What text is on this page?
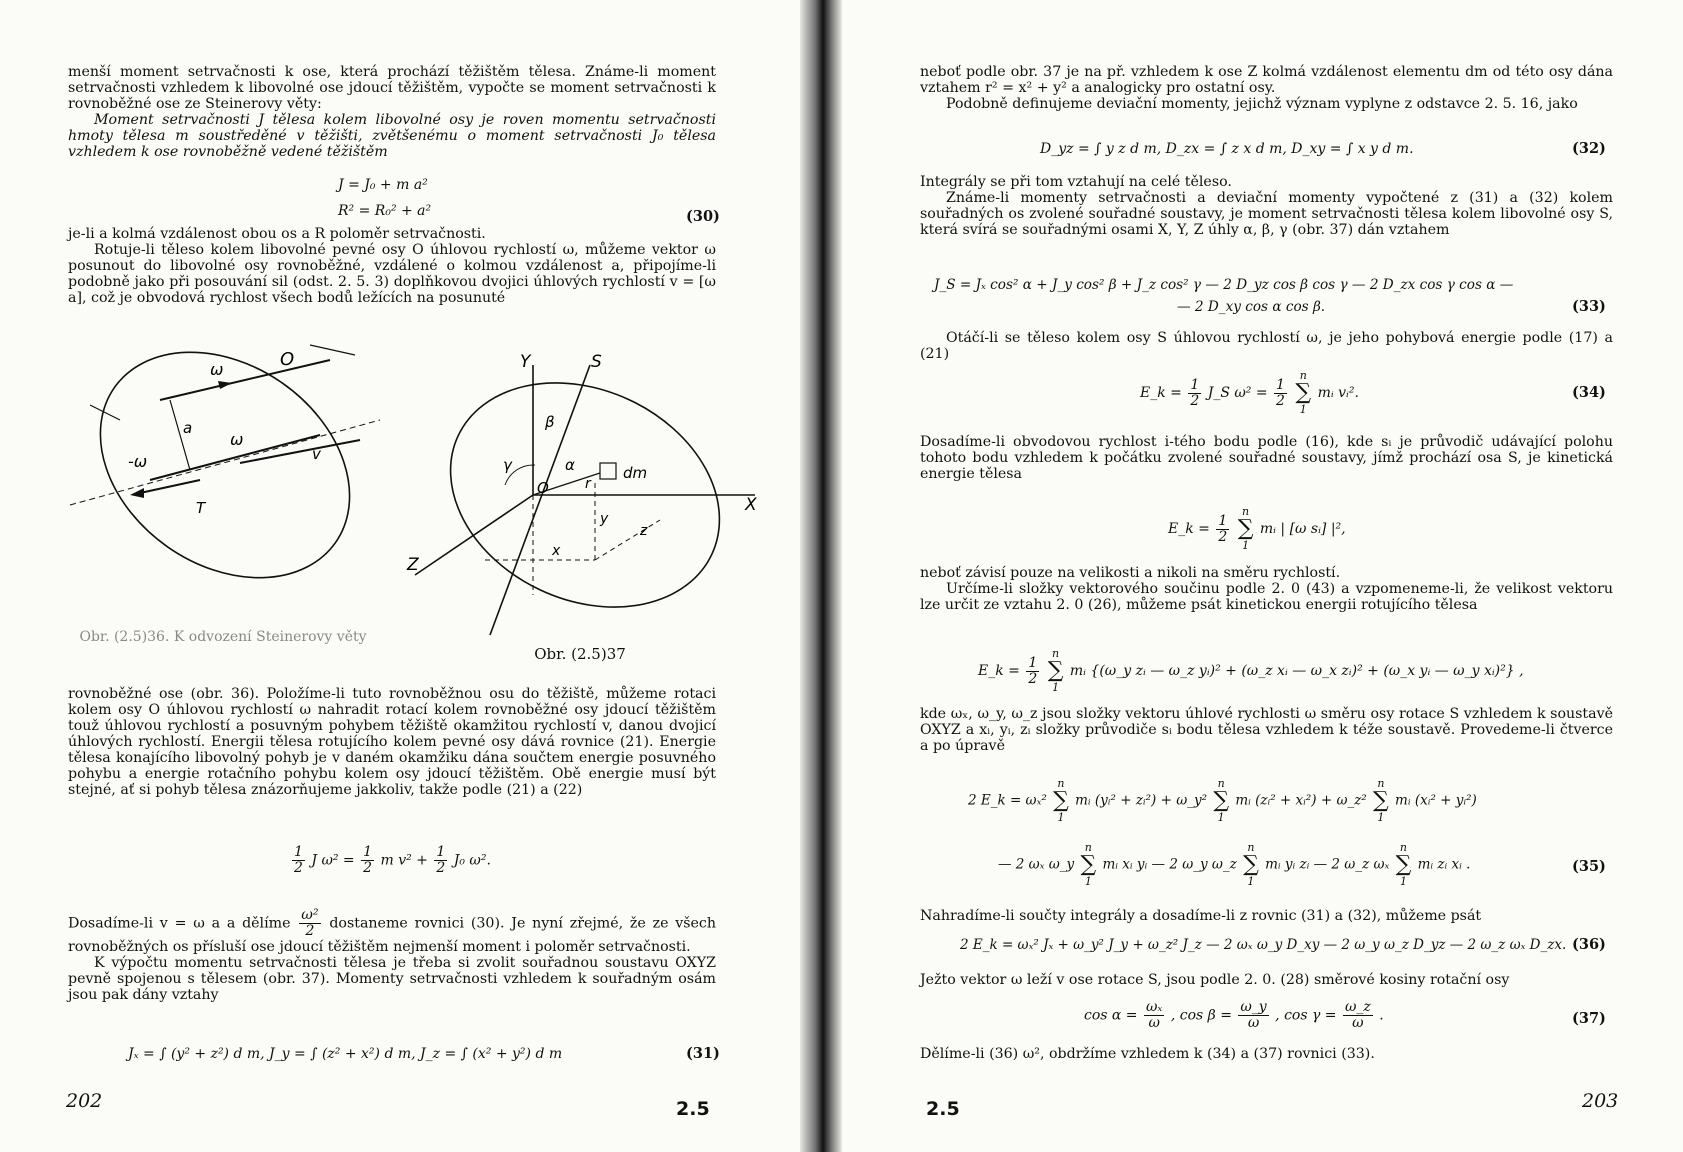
menší moment setrvačnosti k ose, která prochází těžištěm tělesa. Známe-li moment setrvačnosti vzhledem k libovolné ose jdoucí těžištěm, vypočte se moment setrvačnosti k rovnoběžné ose ze Steinerovy věty:

Moment setrvačnosti J tělesa kolem libovolné osy je roven momentu setrvačnosti hmoty tělesa m soustředěné v těžišti, zvětšenému o moment setrvačnosti J₀ tělesa vzhledem k ose rovnoběžně vedené těžištěm

J = J₀ + m a²
R² = R₀² + a²	(30)

je-li a kolmá vzdálenost obou os a R poloměr setrvačnosti.

Rotuje-li těleso kolem libovolné pevné osy O úhlovou rychlostí ω, můžeme vektor ω posunout do libovolné osy rovnoběžné, vzdálené o kolmou vzdálenost a, připojíme-li podobně jako při posouvání sil (odst. 2. 5. 3) doplňkovou dvojici úhlových rychlostí v = [ω a], což je obvodová rychlost všech bodů ležících na posunuté

O
ω
ω
-ω
a
v
T
Obr. (2.5)36. K odvození Steinerovy věty
Y	S
X
Z
O
dm
β
α
γ
r
y
z
x
Obr. (2.5)37

rovnoběžné ose (obr. 36). Položíme-li tuto rovnoběžnou osu do těžiště, můžeme rotaci kolem osy O úhlovou rychlostí ω nahradit rotací kolem rovnoběžné osy jdoucí těžištěm touž úhlovou rychlostí a posuvným pohybem těžiště okamžitou rychlostí v, danou dvojicí úhlových rychlostí. Energii tělesa rotujícího kolem pevné osy dává rovnice (21). Energie tělesa konajícího libovolný pohyb je v daném okamžiku dána součtem energie posuvného pohybu a energie rotačního pohybu kolem osy jdoucí těžištěm. Obě energie musí být stejné, ať si pohyb tělesa znázorňujeme jakkoliv, takže podle (21) a (22)

$\frac{1}{2}$ J $\omega^2 = \frac{1}{2}$ m $v^2 + \frac{1}{2} J_0$ ω².

Dosadíme-li v = ω a a dělíme $\frac{\text{ω²}}{2}$ dostaneme rovnici (30). Je nyní zřejmé, že ze všech rovnoběžných os přísluší ose jdoucí těžištěm nejmenší moment i poloměr setrvačnosti.

K výpočtu momentu setrvačnosti tělesa je třeba si zvolit souřadnou soustavu OXYZ pevně spojenou s tělesem (obr. 37). Momenty setrvačnosti vzhledem k souřadným osám jsou pak dány vztahy

Jₓ = ∫ (y² + z²) d m, J_y = ∫ (z² + x²) d m, J_z = ∫ (x² + y²) d m	(31)
202	2.5

neboť podle obr. 37 je na př. vzhledem k ose Z kolmá vzdálenost elementu dm od této osy dána vztahem r² = x² + y² a analogicky pro ostatní osy.

Podobně definujeme deviační momenty, jejichž význam vyplyne z odstavce 2. 5. 16, jako

D_yz = ∫ y z d m, D_zx = ∫ z x d m, D_xy = ∫ x y d m.	(32)

Integrály se při tom vztahují na celé těleso.

Známe-li momenty setrvačnosti a deviační momenty vypočtené z (31) a (32) kolem souřadných os zvolené souřadné soustavy, je moment setrvačnosti tělesa kolem libovolné osy S, která svírá se souřadnými osami X, Y, Z úhly α, β, γ (obr. 37) dán vztahem

J_S = Jₓ cos² α + J_y cos² β + J_z cos² γ — 2 D_yz cos β cos γ — 2 D_zx cos γ cos α —
— 2 D_xy cos α cos β.	(33)

Otáčí-li se těleso kolem osy S úhlovou rychlostí ω, je jeho pohybová energie podle (17) a (21)

E_k = $\frac{1}{2}$ J_S $\omega^2 = \frac{1}{2}$
n
∑
1 mᵢ vᵢ².	(34)

Dosadíme-li obvodovou rychlost i-tého bodu podle (16), kde sᵢ je průvodič udávající polohu tohoto bodu vzhledem k počátku zvolené souřadné soustavy, jímž prochází osa S, je kinetická energie tělesa

E_k = $\frac{1}{2}$
n
∑
1 mᵢ | [ω sᵢ] |²,

neboť závisí pouze na velikosti a nikoli na směru rychlostí.

Určíme-li složky vektorového součinu podle 2. 0 (43) a vzpomeneme-li, že velikost vektoru lze určit ze vztahu 2. 0 (26), můžeme psát kinetickou energii rotujícího tělesa

E_k = $\frac{1}{2}$
n
∑
1 mᵢ {(ω_y zᵢ — ω_z yᵢ)² + (ω_z xᵢ — ω_x zᵢ)² + (ω_x yᵢ — ω_y xᵢ)²} ,

kde ωₓ, ω_y, ω_z jsou složky vektoru úhlové rychlosti ω směru osy rotace S vzhledem k soustavě OXYZ a xᵢ, yᵢ, zᵢ složky průvodiče sᵢ bodu tělesa vzhledem k téže soustavě. Provedeme-li čtverce a po úpravě

2 E_k = ωₓ² n
∑
1 mᵢ (yᵢ² + zᵢ²) + ω_y² n
∑
1 mᵢ (zᵢ² + xᵢ²) + ω_z² n
∑
1 mᵢ (xᵢ² + yᵢ²)
— 2 ωₓ ω_y n
∑
1 mᵢ xᵢ yᵢ — 2 ω_y ω_z n
∑
1 mᵢ yᵢ zᵢ — 2 ω_z ωₓ n
∑
1 mᵢ zᵢ xᵢ .	(35)

Nahradíme-li součty integrály a dosadíme-li z rovnic (31) a (32), můžeme psát

2 E_k = ωₓ² Jₓ + ω_y² J_y + ω_z² J_z — 2 ωₓ ω_y D_xy — 2 ω_y ω_z D_yz — 2 ω_z ωₓ D_zx. (36)

Ježto vektor ω leží v ose rotace S, jsou podle 2. 0. (28) směrové kosiny rotační osy

$\cos \alpha = \frac{\text{ωₓ}}{\omega}$ , $\cos \beta = \frac{\omega\_y}{\omega}$ , $\cos \gamma = \frac{\omega\_z}{\omega}$ .	(37)

Dělíme-li (36) ω², obdržíme vzhledem k (34) a (37) rovnici (33).

2.5	203
